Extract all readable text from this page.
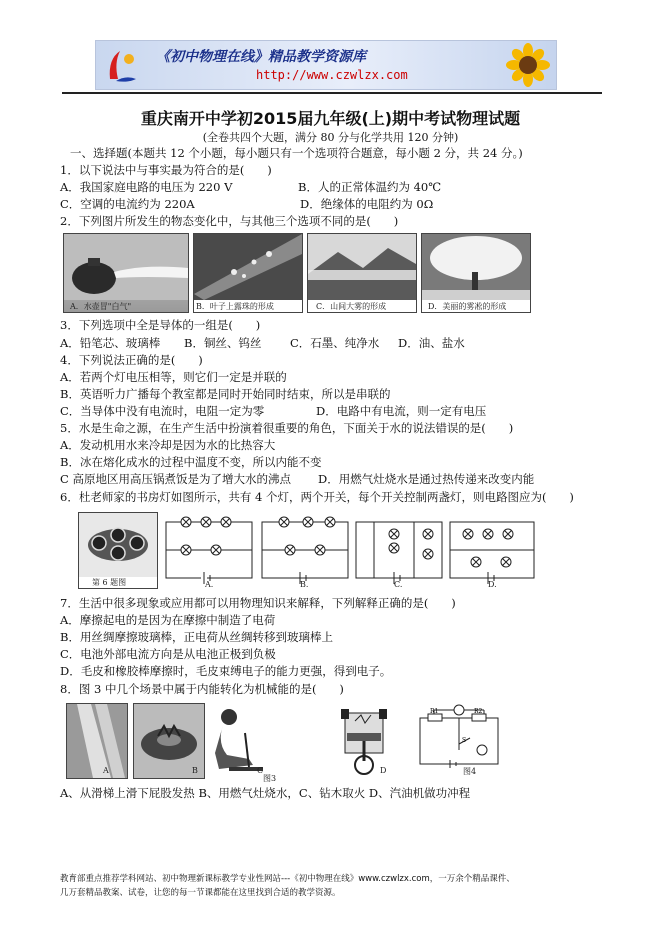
《初中物理在线》精品教学资源库
http://www.czwlzx.com
重庆南开中学初2015届九年级(上)期中考试物理试题
(全卷共四个大题，满分 80 分与化学共用 120 分钟)
一、选择题(本题共 12 个小题，每小题只有一个选项符合题意，每小题 2 分，共 24 分。)
1．以下说法中与事实最为符合的是(　　)
A．我国家庭电路的电压为 220 V	B．人的正常体温约为 40℃
C．空调的电流约为 220A	D．绝缘体的电阻约为 0Ω
2．下列图片所发生的物态变化中，与其他三个选项不同的是(　　)
A．水壶冒"白气"	B．叶子上露珠的形成	C．山间大雾的形成	D．美丽的雾凇的形成
3．下列选项中全是导体的一组是(　　)
A．铅笔芯、玻璃棒 B．铜丝、钨丝 C．石墨、纯净水 D．油、盐水
4．下列说法正确的是(　　)
A．若两个灯电压相等，则它们一定是并联的
B．英语听力广播每个教室都是同时开始同时结束，所以是串联的
C．当导体中没有电流时，电阻一定为零	D．电路中有电流，则一定有电压
5．水是生命之源，在生产生活中扮演着很重要的角色，下面关于水的说法错误的是(　　)
A．发动机用水来冷却是因为水的比热容大
B．冰在熔化成水的过程中温度不变，所以内能不变
C 高原地区用高压锅煮饭是为了增大水的沸点 D．用燃气灶烧水是通过热传递来改变内能
6．杜老师家的书房灯如图所示，共有 4 个灯，两个开关，每个开关控制两盏灯，则电路图应为(　　)
第 6 题图	A.	B.	C.	D.
7．生活中很多现象或应用都可以用物理知识来解释，下列解释正确的是(　　)
A．摩擦起电的是因为在摩擦中制造了电荷
B．用丝绸摩擦玻璃棒，正电荷从丝绸转移到玻璃棒上
C．电池外部电流方向是从电池正极到负极
D．毛皮和橡胶棒摩擦时，毛皮束缚电子的能力更强，得到电子。
8．图 3 中几个场景中属于内能转化为机械能的是(　　)
A	B	C
图3
D
R1	R2
S
图4
A、从滑梯上滑下屁股发热 B、用燃气灶烧水，C、钻木取火 D、汽油机做功冲程
教育部重点推荐学科网站、初中物理新课标教学专业性网站---《初中物理在线》www.czwlzx.com，一万余个精品课件、
几万套精品教案、试卷，让您的每一节课都能在这里找到合适的教学资源。
